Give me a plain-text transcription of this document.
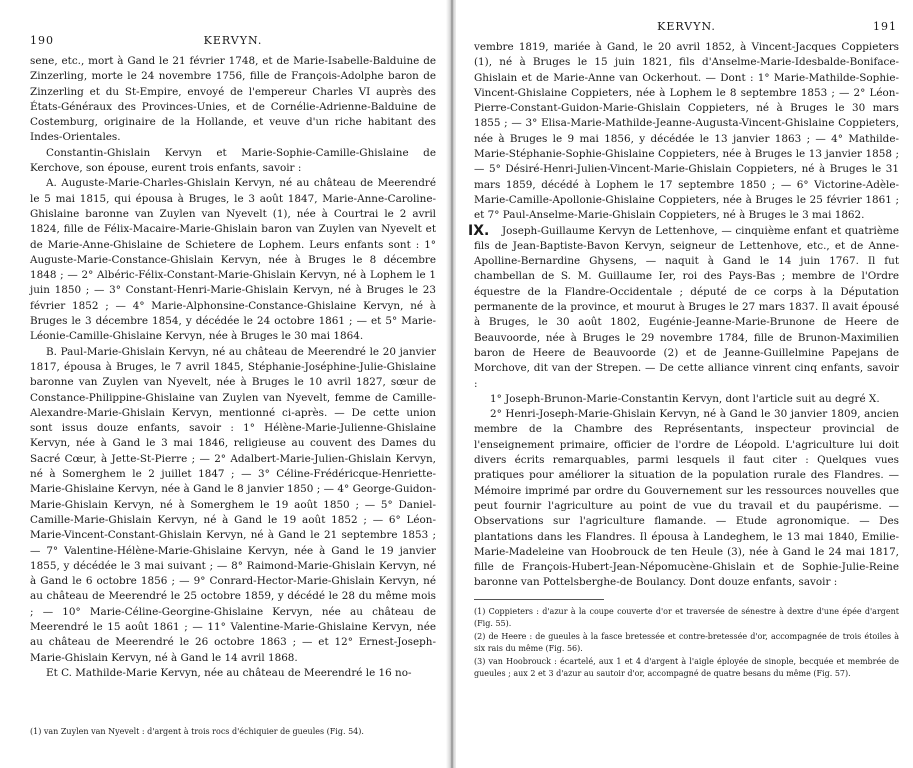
190	KERVYN.

sene, etc., mort à Gand le 21 février 1748, et de Marie-Isabelle-Balduine de Zinzerling, morte le 24 novembre 1756, fille de François-Adolphe baron de Zinzerling et du St-Empire, envoyé de l'empereur Charles VI auprès des États-Généraux des Provinces-Unies, et de Cornélie-Adrienne-Balduine de Costemburg, originaire de la Hollande, et veuve d'un riche habitant des Indes-Orientales.

Constantin-Ghislain Kervyn et Marie-Sophie-Camille-Ghislaine de Kerchove, son épouse, eurent trois enfants, savoir :

A. Auguste-Marie-Charles-Ghislain Kervyn, né au château de Meerendré le 5 mai 1815, qui épousa à Bruges, le 3 août 1847, Marie-Anne-Caroline-Ghislaine baronne van Zuylen van Nyevelt (1), née à Courtrai le 2 avril 1824, fille de Félix-Macaire-Marie-Ghislain baron van Zuylen van Nyevelt et de Marie-Anne-Ghislaine de Schietere de Lophem. Leurs enfants sont : 1° Auguste-Marie-Constance-Ghislain Kervyn, née à Bruges le 8 décembre 1848 ; — 2° Albéric-Félix-Constant-Marie-Ghislain Kervyn, né à Lophem le 1 juin 1850 ; — 3° Constant-Henri-Marie-Ghislain Kervyn, né à Bruges le 23 février 1852 ; — 4° Marie-Alphonsine-Constance-Ghislaine Kervyn, né à Bruges le 3 décembre 1854, y décédée le 24 octobre 1861 ; — et 5° Marie-Léonie-Camille-Ghislaine Kervyn, née à Bruges le 30 mai 1864.

B. Paul-Marie-Ghislain Kervyn, né au château de Meerendré le 20 janvier 1817, épousa à Bruges, le 7 avril 1845, Stéphanie-Joséphine-Julie-Ghislaine baronne van Zuylen van Nyevelt, née à Bruges le 10 avril 1827, sœur de Constance-Philippine-Ghislaine van Zuylen van Nyevelt, femme de Camille-Alexandre-Marie-Ghislain Kervyn, mentionné ci-après. — De cette union sont issus douze enfants, savoir : 1° Hélène-Marie-Julienne-Ghislaine Kervyn, née à Gand le 3 mai 1846, religieuse au couvent des Dames du Sacré Cœur, à Jette-St-Pierre ; — 2° Adalbert-Marie-Julien-Ghislain Kervyn, né à Somerghem le 2 juillet 1847 ; — 3° Céline-Frédéricque-Henriette-Marie-Ghislaine Kervyn, née à Gand le 8 janvier 1850 ; — 4° George-Guidon-Marie-Ghislain Kervyn, né à Somerghem le 19 août 1850 ; — 5° Daniel-Camille-Marie-Ghislain Kervyn, né à Gand le 19 août 1852 ; — 6° Léon-Marie-Vincent-Constant-Ghislain Kervyn, né à Gand le 21 septembre 1853 ; — 7° Valentine-Hélène-Marie-Ghislaine Kervyn, née à Gand le 19 janvier 1855, y décédée le 3 mai suivant ; — 8° Raimond-Marie-Ghislain Kervyn, né à Gand le 6 octobre 1856 ; — 9° Conrard-Hector-Marie-Ghislain Kervyn, né au château de Meerendré le 25 octobre 1859, y décédé le 28 du même mois ; — 10° Marie-Céline-Georgine-Ghislaine Kervyn, née au château de Meerendré le 15 août 1861 ; — 11° Valentine-Marie-Ghislaine Kervyn, née au château de Meerendré le 26 octobre 1863 ; — et 12° Ernest-Joseph-Marie-Ghislain Kervyn, né à Gand le 14 avril 1868.

Et C. Mathilde-Marie Kervyn, née au château de Meerendré le 16 no-

(1) van Zuylen van Nyevelt : d'argent à trois rocs d'échiquier de gueules (Fig. 54).

KERVYN.	191

vembre 1819, mariée à Gand, le 20 avril 1852, à Vincent-Jacques Coppieters (1), né à Bruges le 15 juin 1821, fils d'Anselme-Marie-Idesbalde-Boniface-Ghislain et de Marie-Anne van Ockerhout. — Dont : 1° Marie-Mathilde-Sophie-Vincent-Ghislaine Coppieters, née à Lophem le 8 septembre 1853 ; — 2° Léon-Pierre-Constant-Guidon-Marie-Ghislain Coppieters, né à Bruges le 30 mars 1855 ; — 3° Elisa-Marie-Mathilde-Jeanne-Augusta-Vincent-Ghislaine Coppieters, née à Bruges le 9 mai 1856, y décédée le 13 janvier 1863 ; — 4° Mathilde-Marie-Stéphanie-Sophie-Ghislaine Coppieters, née à Bruges le 13 janvier 1858 ; — 5° Désiré-Henri-Julien-Vincent-Marie-Ghislain Coppieters, né à Bruges le 31 mars 1859, décédé à Lophem le 17 septembre 1850 ; — 6° Victorine-Adèle-Marie-Camille-Apollonie-Ghislaine Coppieters, née à Bruges le 25 février 1861 ; et 7° Paul-Anselme-Marie-Ghislain Coppieters, né à Bruges le 3 mai 1862.

IX.	Joseph-Guillaume Kervyn de Lettenhove, — cinquième enfant et quatrième fils de Jean-Baptiste-Bavon Kervyn, seigneur de Lettenhove, etc., et de Anne-Apolline-Bernardine Ghysens, — naquit à Gand le 14 juin 1767. Il fut chambellan de S. M. Guillaume Ier, roi des Pays-Bas ; membre de l'Ordre équestre de la Flandre-Occidentale ; député de ce corps à la Députation permanente de la province, et mourut à Bruges le 27 mars 1837. Il avait épousé à Bruges, le 30 août 1802, Eugénie-Jeanne-Marie-Brunone de Heere de Beauvoorde, née à Bruges le 29 novembre 1784, fille de Brunon-Maximilien baron de Heere de Beauvoorde (2) et de Jeanne-Guillelmine Papejans de Morchove, dit van der Strepen. — De cette alliance vinrent cinq enfants, savoir :

1° Joseph-Brunon-Marie-Constantin Kervyn, dont l'article suit au degré X.

2° Henri-Joseph-Marie-Ghislain Kervyn, né à Gand le 30 janvier 1809, ancien membre de la Chambre des Représentants, inspecteur provincial de l'enseignement primaire, officier de l'ordre de Léopold. L'agriculture lui doit divers écrits remarquables, parmi lesquels il faut citer : Quelques vues pratiques pour améliorer la situation de la population rurale des Flandres. — Mémoire imprimé par ordre du Gouvernement sur les ressources nouvelles que peut fournir l'agriculture au point de vue du travail et du paupérisme. — Observations sur l'agriculture flamande. — Etude agronomique. — Des plantations dans les Flandres. Il épousa à Landeghem, le 13 mai 1840, Emilie-Marie-Madeleine van Hoobrouck de ten Heule (3), née à Gand le 24 mai 1817, fille de François-Hubert-Jean-Népomucène-Ghislain et de Sophie-Julie-Reine baronne van Pottelsberghe-de Boulancy. Dont douze enfants, savoir :

(1) Coppieters : d'azur à la coupe couverte d'or et traversée de sénestre à dextre d'une épée d'argent (Fig. 55).

(2) de Heere : de gueules à la fasce bretessée et contre-bretessée d'or, accompagnée de trois étoiles à six rais du même (Fig. 56).

(3) van Hoobrouck : écartelé, aux 1 et 4 d'argent à l'aigle éployée de sinople, becquée et membrée de gueules ; aux 2 et 3 d'azur au sautoir d'or, accompagné de quatre besans du même (Fig. 57).
